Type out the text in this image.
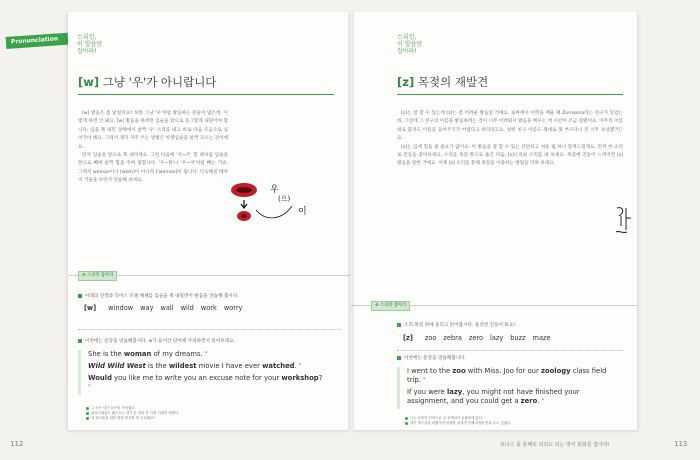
Pronunciation	스피킹,
이 발음만
잡아라!
[w] 그냥 '우'가 아니랍니다

[w] 발음은 좀 낯설지요? 보통 그냥 '우'처럼 발음하는 분들이 많은데, 이렇게 하면 안 돼요. [w] 발음을 하려면 입술을 앞으로 동그랗게 내밀어야 합니다. 입을 쭉 내민 상태에서 살짝 '우' 소리를 내고 바로 다음 모음으로 넘어가야 해요. 그래서 제가 자주 쓰는 방법은 아랫입술을 살짝 모으는 것이에요.

먼저 입술을 앞으로 쭉 내미세요. 그런 다음에 '지~즈' 할 때처럼 입술을 앞으로 빼며 살짝 힘을 주며 말합니다. '우~워'나 '우~어'처럼 빼는 거죠. 그래서 woman이나 [wʊm]이 아니라 [ˈwʊmən]이 됩니다. 익숙해질 때까지 거울을 보면서 연습해 보세요.

우
(으)
이
⊕ 스피킹 잡아라
아래의 연결과 리어스 모델 해체를 입술을 쭉 내밀면서 발음을 연습해 봅시다.
[w] window way wall wild work worry
이번에는 문장을 연습해봅시다. w가 들어간 단어에 주의하면서 읽어보세요.
She is the woman of my dreams. *
Wild Wild West is the wildest movie I have ever watched. *
Would you like me to write you an excuse note for your workshop? *
그 곡은 내가 꿈꾸던 여자였다.
와일드와일드 웨스트는 내가 본 영화 중 가장 거칠한 영화다.
내 워크숍을 위한 변명 편지를 써 주실래요?
스피킹,
이 발음만
잡아라!
[z] 목젖의 재발견

[z]는 잘 할 수 있는데 [z]는 좀 어려운 발음일 거예요. 로마에서 어학을 배울 때 Zumanna라는 친구가 있었는데, 그런데 그 친구의 이름을 발음하려는 것이 너무 어려워서 발음을 배우는 데 시간이 조금 걸렸어요. 아무리 이름대로 불러도 이름을 들어주기가 어렵다고 하더라고요. 친한 친구 이름도 제대로 못 부르다니 전 너무 속상했거든요.

[z]는 입에 힘을 줄 필요가 없어요. 이 발음을 잘 할 수 있는 간단하고 쉬운 팁 하나 알려드릴게요. 먼저 한 소리로 진동을 찾아보세요. 소리를 목젖 쪽으로 옮긴 다음, [z]소리와 소리를 내 보세요. 목젖에 진동이 느껴지면 [z] 발음을 잘한 거예요. 이제 [z] 소리를 통해 목젖을 이용하는 방법을 익혀 보세요.

⊕ 스피킹 잡아라
소리 목젖 위에 올리고 읽어봅시다. 올리면 진동이 와요!
[z] zoo zebra zero lazy buzz maze
이번에는 문장을 연습해봅니다.
I went to the zoo with Miss. Joo for our zoology class field trip. *
If you were lazy, you might not have finished your assignment, and you could get a zero. *
나는 동물학 견학으로 주 선생님과 동물원에 갔다.
네가 게으름을 피웠다면 과제를 끝내지 못해 0점을 받을 수도 있었다.
112	보너스 플 통째로 외워도 되는 영어 회화를 잡아라!	113
